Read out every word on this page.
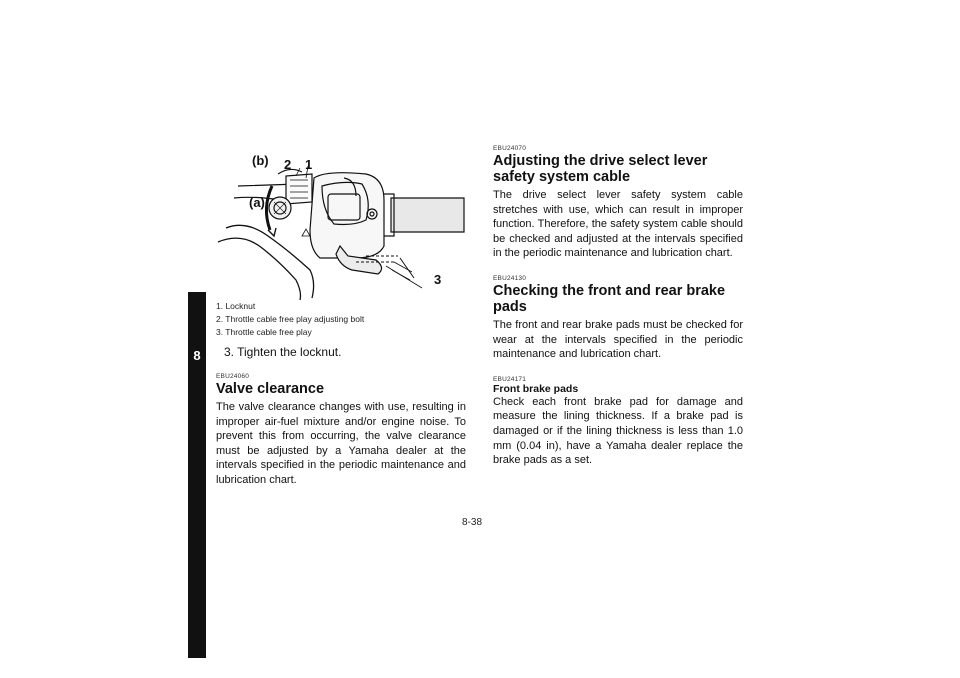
8
(b) 2 1
(a)
3
1. Locknut
2. Throttle cable free play adjusting bolt
3. Throttle cable free play
3. Tighten the locknut.
EBU24060
Valve clearance

The valve clearance changes with use, resulting in improper air-fuel mixture and/or engine noise. To prevent this from occurring, the valve clearance must be adjusted by a Yamaha dealer at the intervals specified in the periodic maintenance and lubrication chart.

EBU24070
Adjusting the drive select lever safety system cable

The drive select lever safety system cable stretches with use, which can result in improper function. Therefore, the safety system cable should be checked and adjusted at the intervals specified in the periodic maintenance and lubrication chart.

EBU24130
Checking the front and rear brake pads

The front and rear brake pads must be checked for wear at the intervals specified in the periodic maintenance and lubrication chart.

EBU24171
Front brake pads

Check each front brake pad for damage and measure the lining thickness. If a brake pad is damaged or if the lining thickness is less than 1.0 mm (0.04 in), have a Yamaha dealer replace the brake pads as a set.

8-38
